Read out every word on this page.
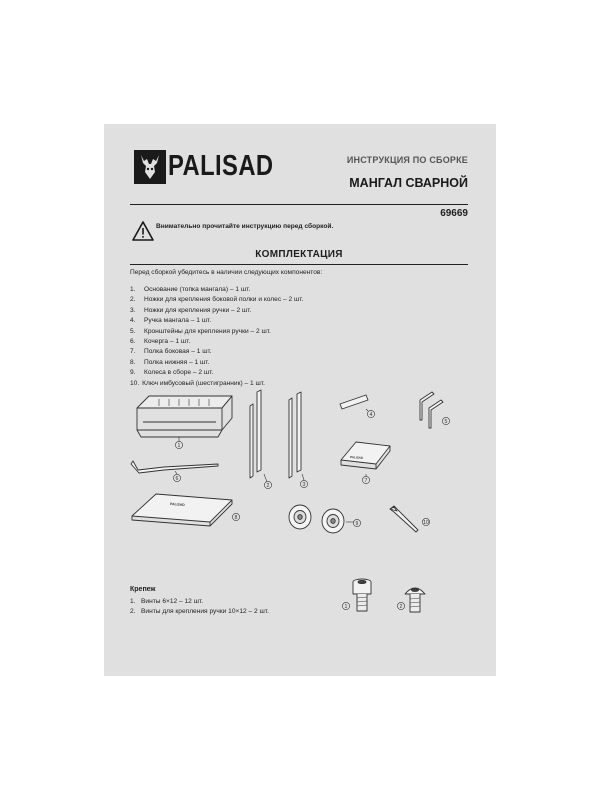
PALISAD	ИНСТРУКЦИЯ ПО СБОРКЕ
МАНГАЛ СВАРНОЙ
69669
Внимательно прочитайте инструкцию перед сборкой.
КОМПЛЕКТАЦИЯ
Перед сборкой убедитесь в наличии следующих компонентов:
1. Основание (топка мангала) – 1 шт.
2. Ножки для крепления боковой полки и колес – 2 шт.
3. Ножки для крепления ручки – 2 шт.
4. Ручка мангала – 1 шт.
5. Кронштейны для крепления ручки – 2 шт.
6. Кочерга – 1 шт.
7. Полка боковая – 1 шт.
8. Полка нижняя – 1 шт.
9. Колеса в сборе – 2 шт.
10. Ключ имбусовый (шестигранник) – 1 шт.
1
2	3
4
5
6	7
8
9	10
1	2
PALISAD
PALISAD
Крепеж
1. Винты 6×12 – 12 шт.
2. Винты для крепления ручки 10×12 – 2 шт.
